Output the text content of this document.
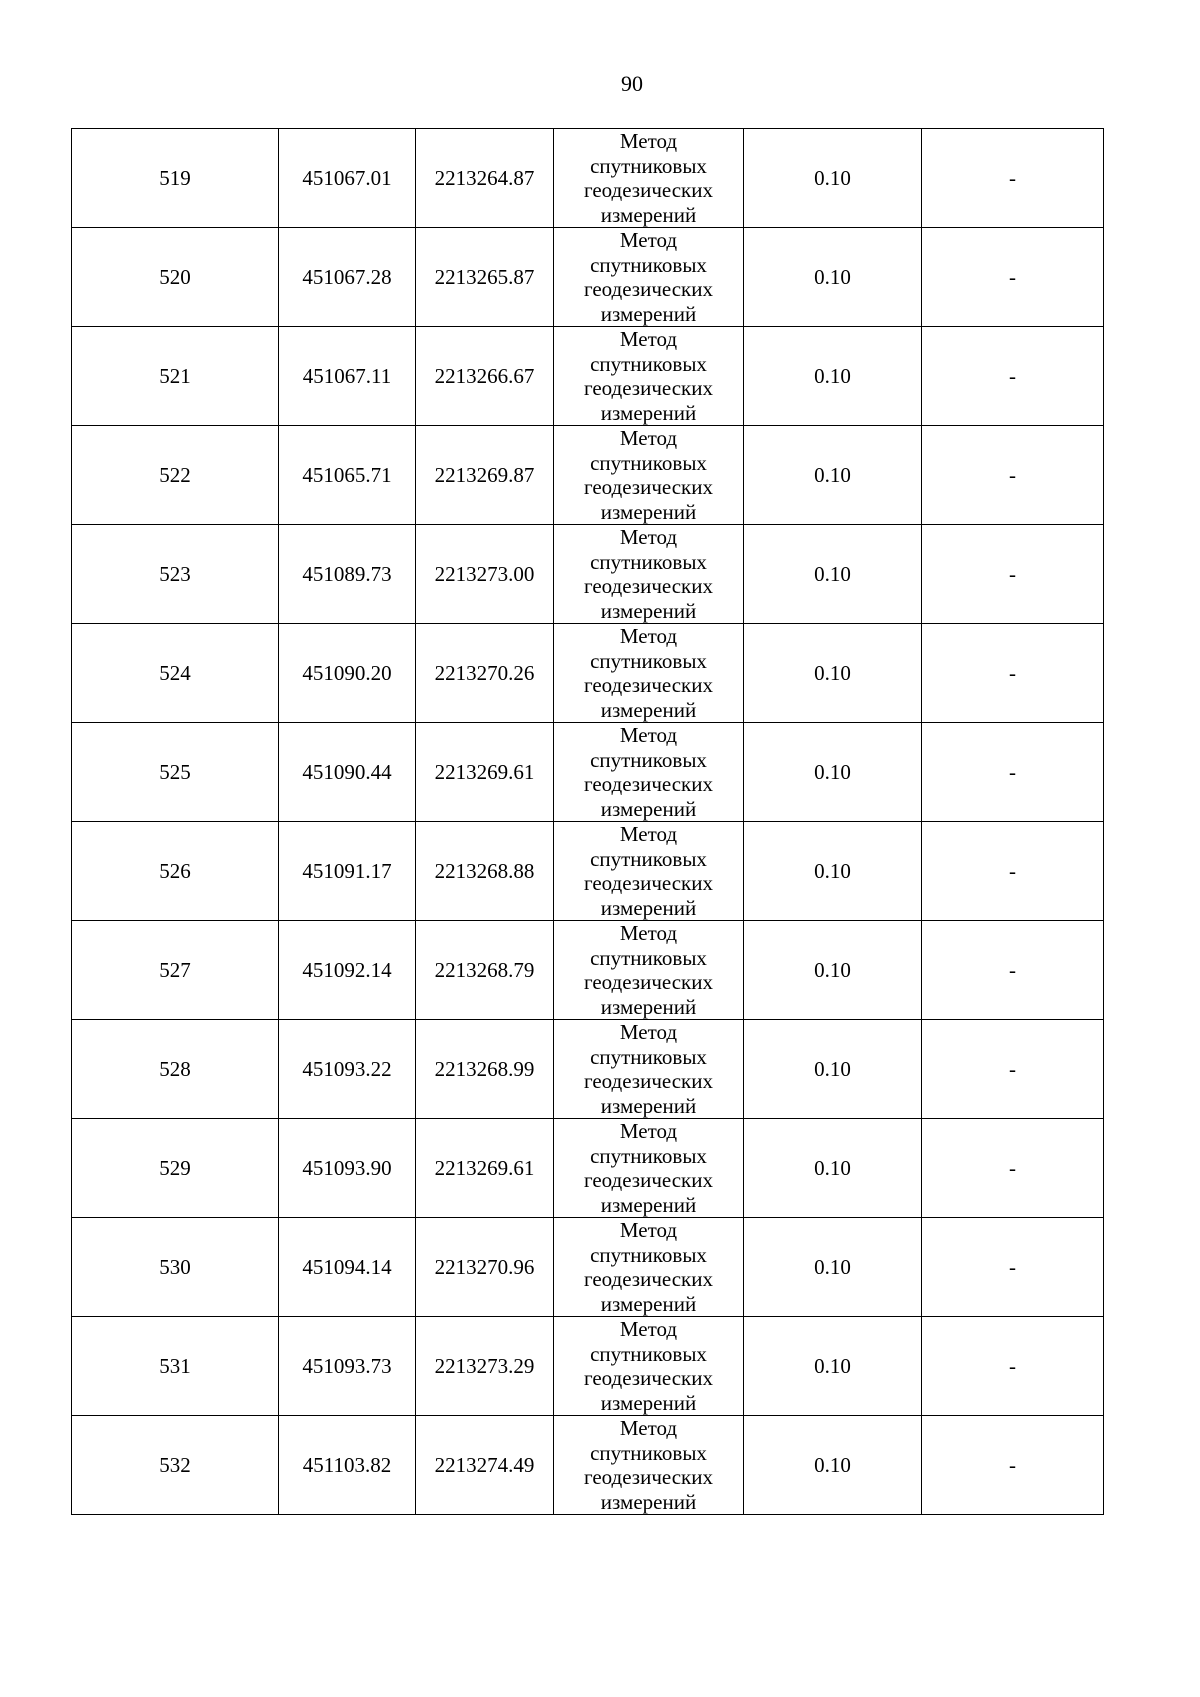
90
519	451067.01	2213264.87	Метод
спутниковых
геодезических
измерений	0.10	-
520	451067.28	2213265.87	Метод
спутниковых
геодезических
измерений	0.10	-
521	451067.11	2213266.67	Метод
спутниковых
геодезических
измерений	0.10	-
522	451065.71	2213269.87	Метод
спутниковых
геодезических
измерений	0.10	-
523	451089.73	2213273.00	Метод
спутниковых
геодезических
измерений	0.10	-
524	451090.20	2213270.26	Метод
спутниковых
геодезических
измерений	0.10	-
525	451090.44	2213269.61	Метод
спутниковых
геодезических
измерений	0.10	-
526	451091.17	2213268.88	Метод
спутниковых
геодезических
измерений	0.10	-
527	451092.14	2213268.79	Метод
спутниковых
геодезических
измерений	0.10	-
528	451093.22	2213268.99	Метод
спутниковых
геодезических
измерений	0.10	-
529	451093.90	2213269.61	Метод
спутниковых
геодезических
измерений	0.10	-
530	451094.14	2213270.96	Метод
спутниковых
геодезических
измерений	0.10	-
531	451093.73	2213273.29	Метод
спутниковых
геодезических
измерений	0.10	-
532	451103.82	2213274.49	Метод
спутниковых
геодезических
измерений	0.10	-
